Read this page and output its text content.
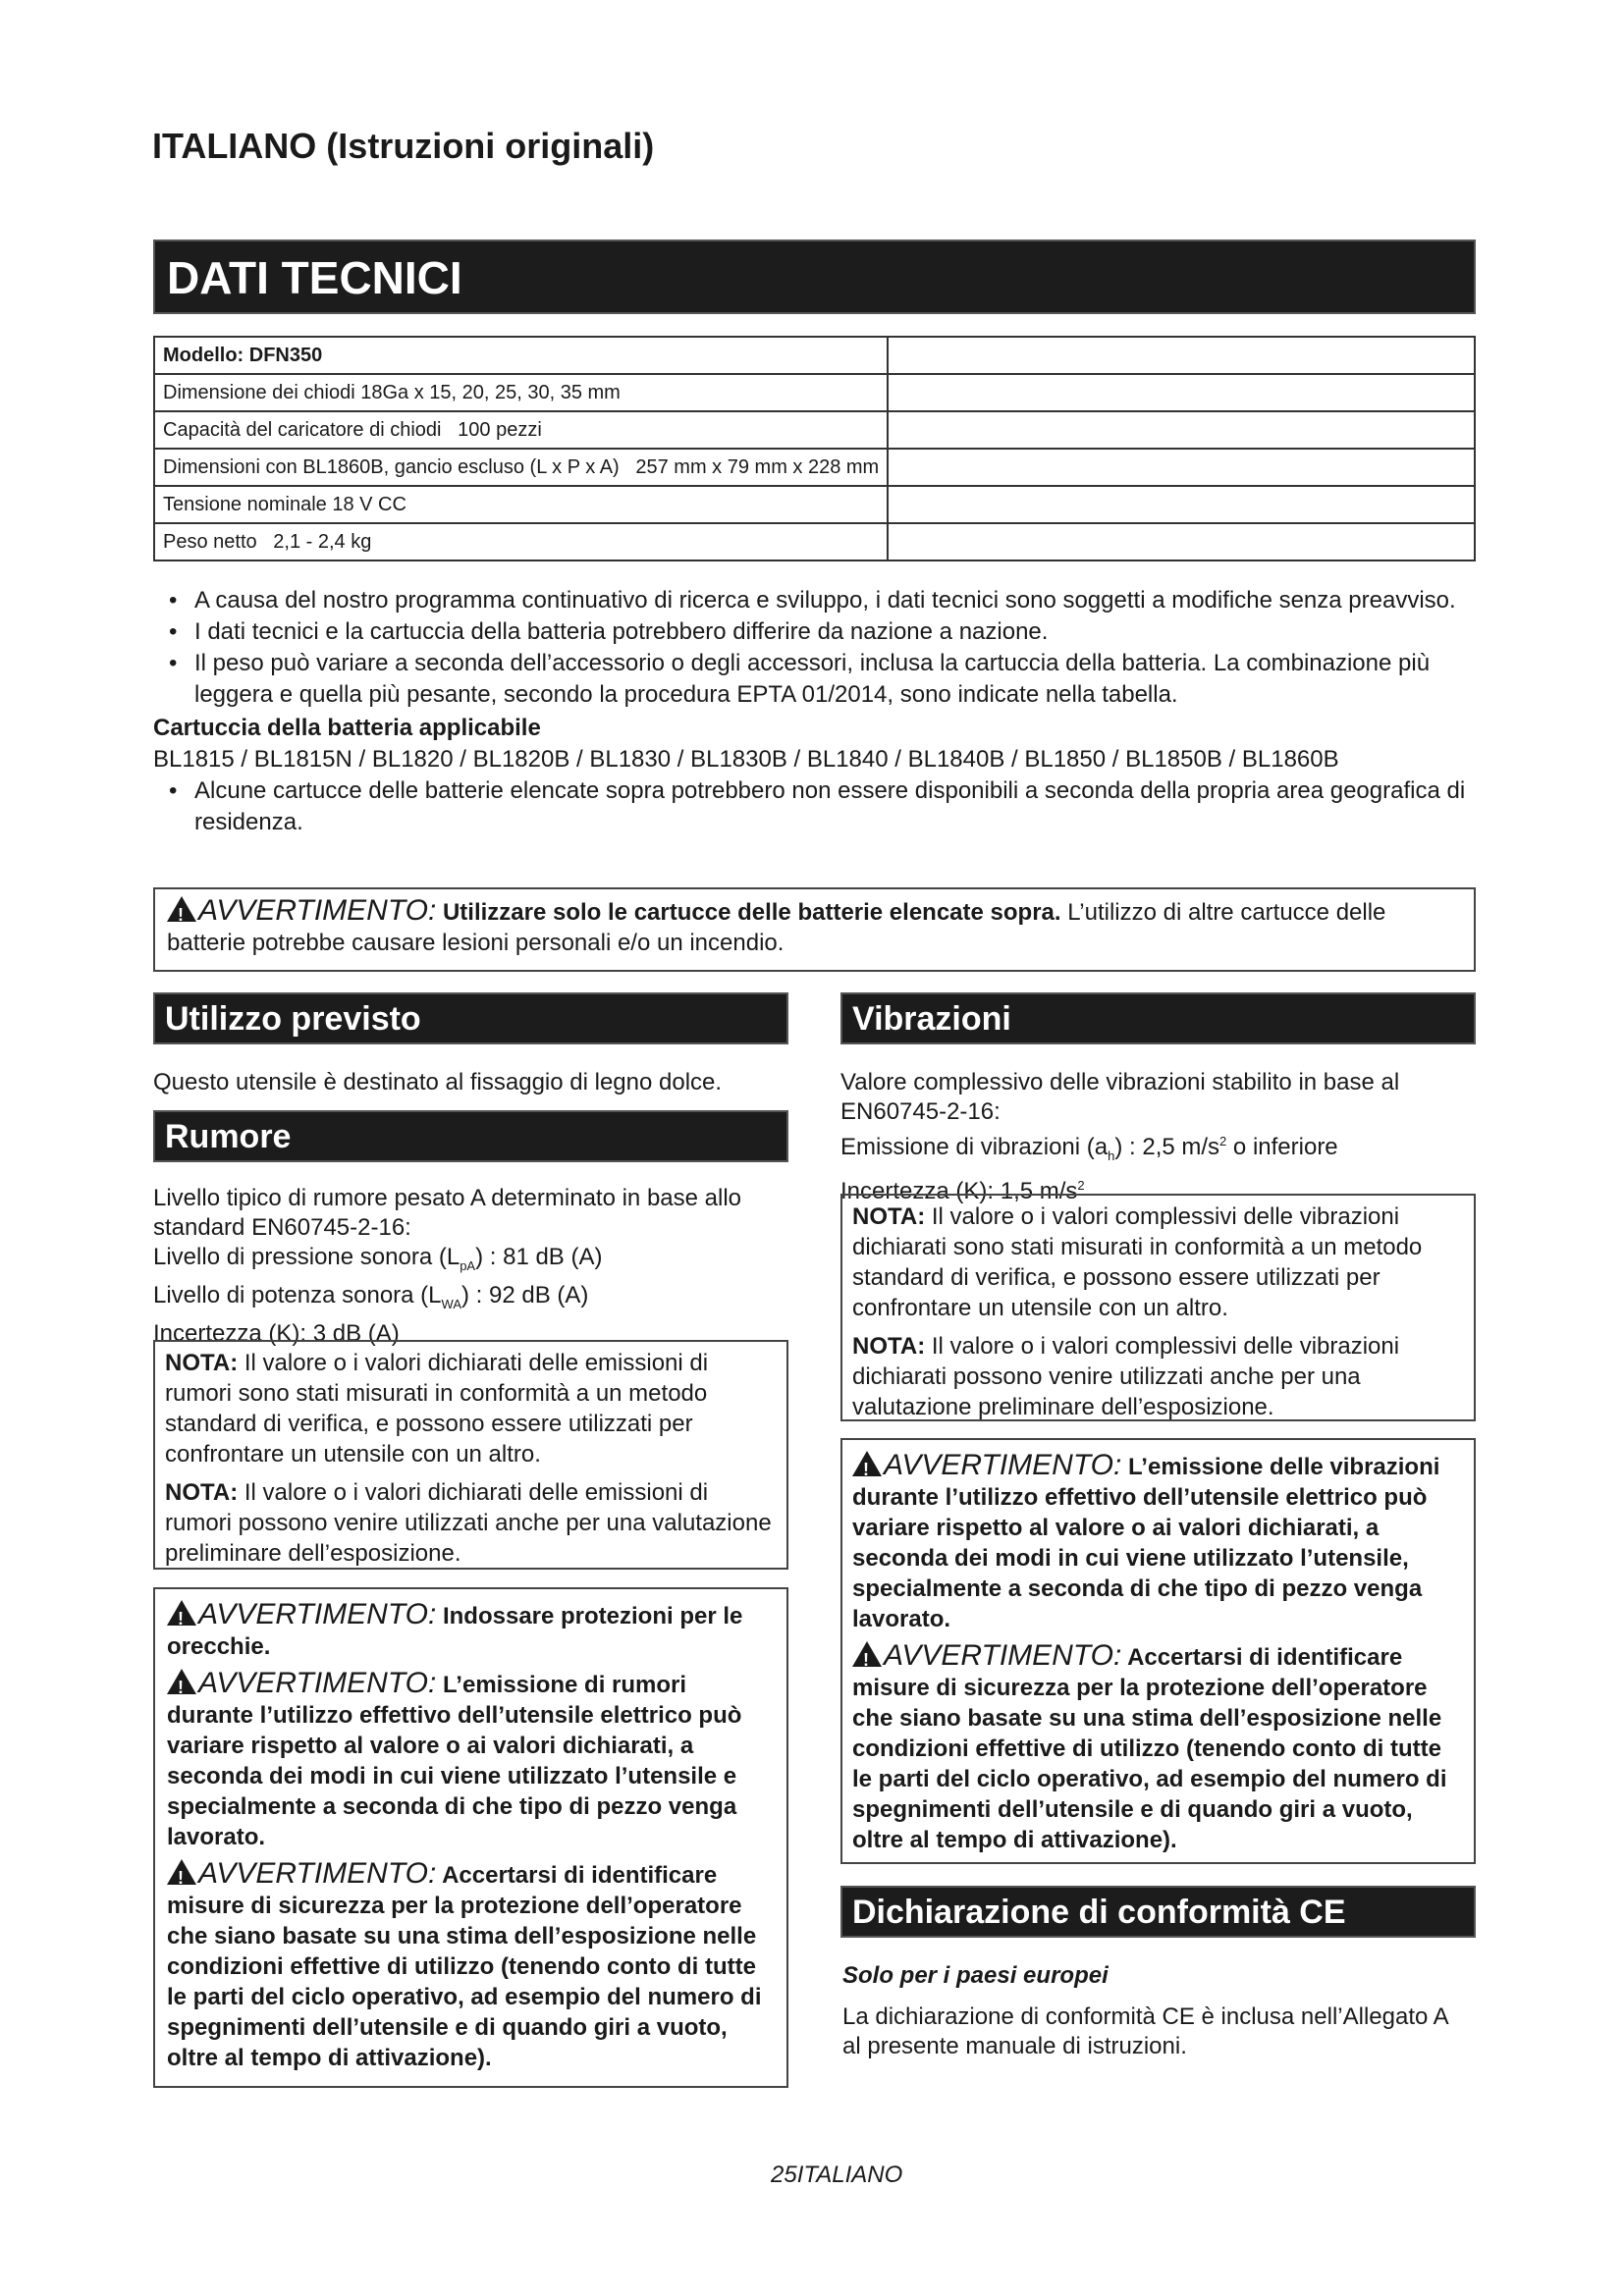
ITALIANO (Istruzioni originali)
DATI TECNICI
Modello: DFN350	
Dimensione dei chiodi 18Ga x 15, 20, 25, 30, 35 mm	
Capacità del caricatore di chiodi   100 pezzi	
Dimensioni con BL1860B, gancio escluso (L x P x A)   257 mm x 79 mm x 228 mm	
Tensione nominale 18 V CC	
Peso netto   2,1 - 2,4 kg	

• A causa del nostro programma continuativo di ricerca e sviluppo, i dati tecnici sono soggetti a modifiche senza preavviso.

• I dati tecnici e la cartuccia della batteria potrebbero differire da nazione a nazione.

• Il peso può variare a seconda dell’accessorio o degli accessori, inclusa la cartuccia della batteria. La combinazione più leggera e quella più pesante, secondo la procedura EPTA 01/2014, sono indicate nella tabella.

Cartuccia della batteria applicabile

BL1815 / BL1815N / BL1820 / BL1820B / BL1830 / BL1830B / BL1840 / BL1840B / BL1850 / BL1850B / BL1860B

• Alcune cartucce delle batterie elencate sopra potrebbero non essere disponibili a seconda della propria area geografica di residenza.

!AVVERTIMENTO: Utilizzare solo le cartucce delle batterie elencate sopra. L’utilizzo di altre cartucce delle batterie potrebbe causare lesioni personali e/o un incendio.
Utilizzo previsto
Questo utensile è destinato al fissaggio di legno dolce.
Rumore
Livello tipico di rumore pesato A determinato in base allo standard EN60745-2-16:
Livello di pressione sonora $(L_{pA})$ : 81 dB (A)
Livello di potenza sonora $(L_{WA})$ : 92 dB (A)
Incertezza (K): 3 dB (A)

NOTA: Il valore o i valori dichiarati delle emissioni di rumori sono stati misurati in conformità a un metodo standard di verifica, e possono essere utilizzati per confrontare un utensile con un altro.

NOTA: Il valore o i valori dichiarati delle emissioni di rumori possono venire utilizzati anche per una valutazione preliminare dell’esposizione.

!AVVERTIMENTO: Indossare protezioni per le orecchie.

!AVVERTIMENTO: L’emissione di rumori durante l’utilizzo effettivo dell’utensile elettrico può variare rispetto al valore o ai valori dichiarati, a seconda dei modi in cui viene utilizzato l’utensile e specialmente a seconda di che tipo di pezzo venga lavorato.

!AVVERTIMENTO: Accertarsi di identificare misure di sicurezza per la protezione dell’operatore che siano basate su una stima dell’esposizione nelle condizioni effettive di utilizzo (tenendo conto di tutte le parti del ciclo operativo, ad esempio del numero di spegnimenti dell’utensile e di quando giri a vuoto, oltre al tempo di attivazione).

Vibrazioni
Valore complessivo delle vibrazioni stabilito in base al EN60745-2-16:
Emissione di vibrazioni $(a_h)$ : 2,5 $m/s^2$ o inferiore
Incertezza (K): 1,5 $m/s^2$

NOTA: Il valore o i valori complessivi delle vibrazioni dichiarati sono stati misurati in conformità a un metodo standard di verifica, e possono essere utilizzati per confrontare un utensile con un altro.

NOTA: Il valore o i valori complessivi delle vibrazioni dichiarati possono venire utilizzati anche per una valutazione preliminare dell’esposizione.

!AVVERTIMENTO: L’emissione delle vibrazioni durante l’utilizzo effettivo dell’utensile elettrico può variare rispetto al valore o ai valori dichiarati, a seconda dei modi in cui viene utilizzato l’utensile, specialmente a seconda di che tipo di pezzo venga lavorato.

!AVVERTIMENTO: Accertarsi di identificare misure di sicurezza per la protezione dell’operatore che siano basate su una stima dell’esposizione nelle condizioni effettive di utilizzo (tenendo conto di tutte le parti del ciclo operativo, ad esempio del numero di spegnimenti dell’utensile e di quando giri a vuoto, oltre al tempo di attivazione).

Dichiarazione di conformità CE
Solo per i paesi europei
La dichiarazione di conformità CE è inclusa nell’Allegato A al presente manuale di istruzioni.
25ITALIANO
